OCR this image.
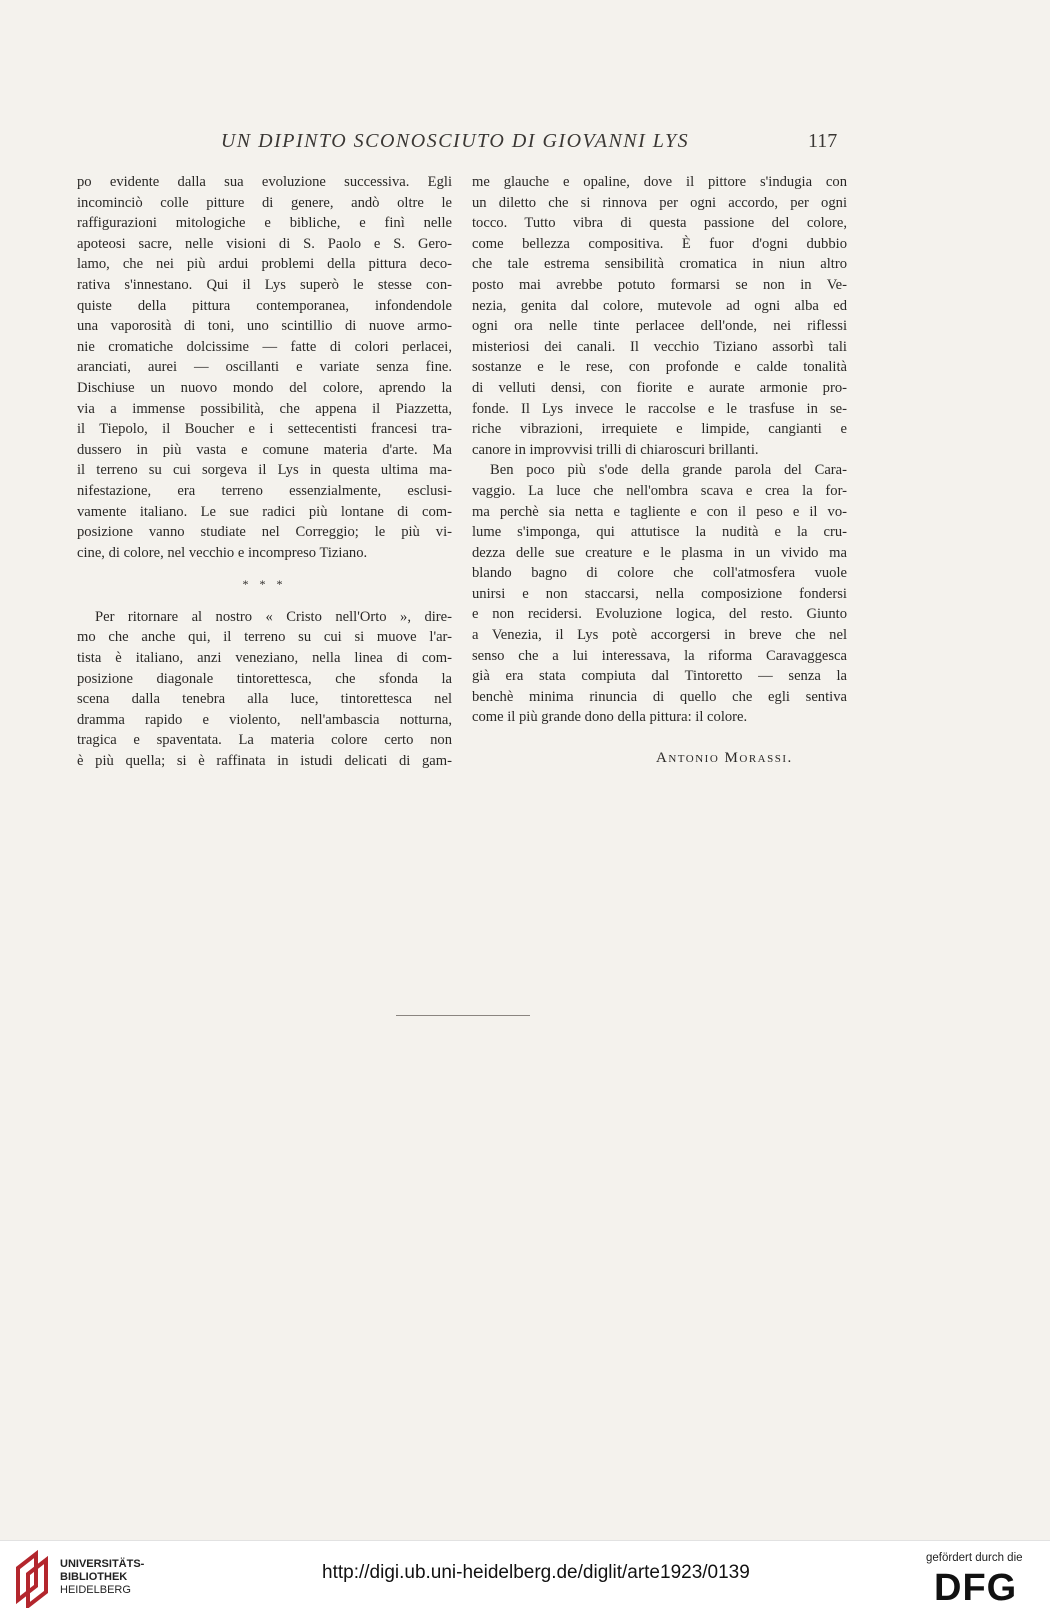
UN DIPINTO SCONOSCIUTO DI GIOVANNI LYS	117

po evidente dalla sua evoluzione successiva. Egli
incominciò colle pitture di genere, andò oltre le
raffigurazioni mitologiche e bibliche, e finì nelle
apoteosi sacre, nelle visioni di S. Paolo e S. Gero-
lamo, che nei più ardui problemi della pittura deco-
rativa s'innestano. Qui il Lys superò le stesse con-
quiste della pittura contemporanea, infondendole
una vaporosità di toni, uno scintillio di nuove armo-
nie cromatiche dolcissime — fatte di colori perlacei,
aranciati, aurei — oscillanti e variate senza fine.
Dischiuse un nuovo mondo del colore, aprendo la
via a immense possibilità, che appena il Piazzetta,
il Tiepolo, il Boucher e i settecentisti francesi tra-
dussero in più vasta e comune materia d'arte. Ma
il terreno su cui sorgeva il Lys in questa ultima ma-
nifestazione, era terreno essenzialmente, esclusi-
vamente italiano. Le sue radici più lontane di com-
posizione vanno studiate nel Correggio; le più vi-
cine, di colore, nel vecchio e incompreso Tiziano.

* * *

Per ritornare al nostro « Cristo nell'Orto », dire-
mo che anche qui, il terreno su cui si muove l'ar-
tista è italiano, anzi veneziano, nella linea di com-
posizione diagonale tintorettesca, che sfonda la
scena dalla tenebra alla luce, tintorettesca nel
dramma rapido e violento, nell'ambascia notturna,
tragica e spaventata. La materia colore certo non
è più quella; si è raffinata in istudi delicati di gam-

me glauche e opaline, dove il pittore s'indugia con
un diletto che si rinnova per ogni accordo, per ogni
tocco. Tutto vibra di questa passione del colore,
come bellezza compositiva. È fuor d'ogni dubbio
che tale estrema sensibilità cromatica in niun altro
posto mai avrebbe potuto formarsi se non in Ve-
nezia, genita dal colore, mutevole ad ogni alba ed
ogni ora nelle tinte perlacee dell'onde, nei riflessi
misteriosi dei canali. Il vecchio Tiziano assorbì tali
sostanze e le rese, con profonde e calde tonalità
di velluti densi, con fiorite e aurate armonie pro-
fonde. Il Lys invece le raccolse e le trasfuse in se-
riche vibrazioni, irrequiete e limpide, cangianti e
canore in improvvisi trilli di chiaroscuri brillanti.

Ben poco più s'ode della grande parola del Cara-
vaggio. La luce che nell'ombra scava e crea la for-
ma perchè sia netta e tagliente e con il peso e il vo-
lume s'imponga, qui attutisce la nudità e la cru-
dezza delle sue creature e le plasma in un vivido ma
blando bagno di colore che coll'atmosfera vuole
unirsi e non staccarsi, nella composizione fondersi
e non recidersi. Evoluzione logica, del resto. Giunto
a Venezia, il Lys potè accorgersi in breve che nel
senso che a lui interessava, la riforma Caravaggesca
già era stata compiuta dal Tintoretto — senza la
benchè minima rinuncia di quello che egli sentiva
come il più grande dono della pittura: il colore.

Antonio Morassi.
UNIVERSITÄTS-
BIBLIOTHEK
HEIDELBERG
http://digi.ub.uni-heidelberg.de/diglit/arte1923/0139
gefördert durch die
DFG
